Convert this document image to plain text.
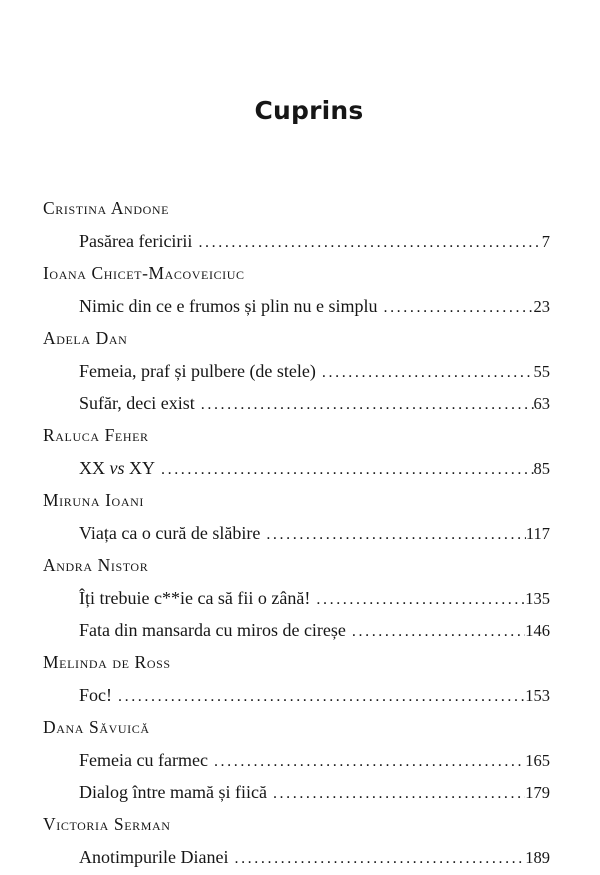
Cuprins
Cristina Andone
Pasărea fericirii .....	7
Ioana Chicet-Macoveiciuc
Nimic din ce e frumos și plin nu e simplu .....	23
Adela Dan
Femeia, praf și pulbere (de stele) .....	55
Sufăr, deci exist .....	63
Raluca Feher
XX vs XY .....	85
Miruna Ioani
Viața ca o cură de slăbire .....	117
Andra Nistor
Îți trebuie c**ie ca să fii o zână! .....	135
Fata din mansarda cu miros de cireșe .....	146
Melinda de Ross
Foc! .....	153
Dana Săvuică
Femeia cu farmec .....	165
Dialog între mamă și fiică .....	179
Victoria Serman
Anotimpurile Dianei .....	189
